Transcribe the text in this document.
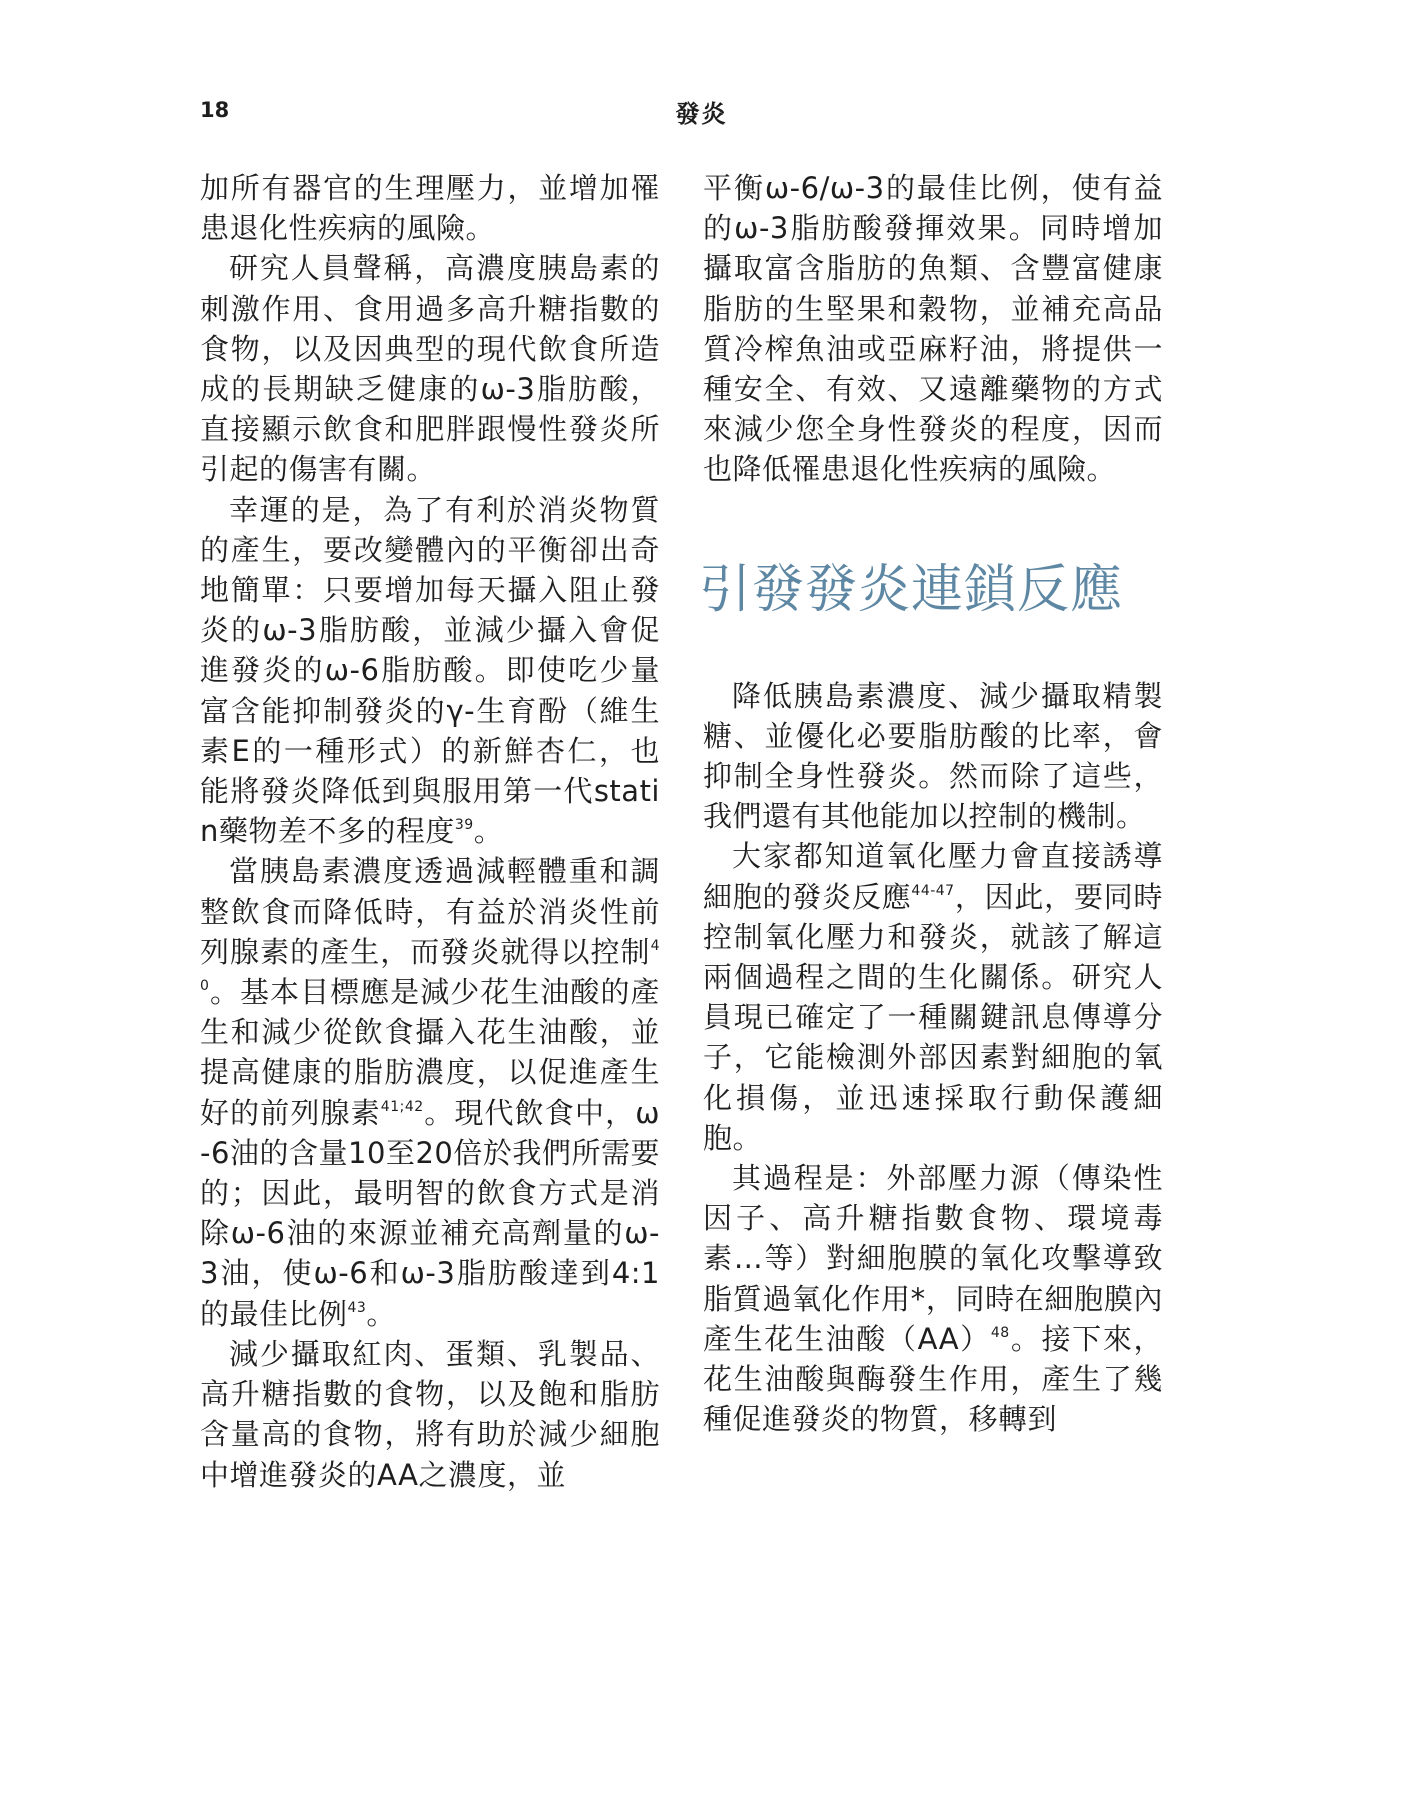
18	發炎

加所有器官的生理壓力，並增加罹患退化性疾病的風險。

研究人員聲稱，高濃度胰島素的刺激作用、食用過多高升糖指數的食物，以及因典型的現代飲食所造成的長期缺乏健康的ω-3脂肪酸，直接顯示飲食和肥胖跟慢性發炎所引起的傷害有關。

幸運的是，為了有利於消炎物質的產生，要改變體內的平衡卻出奇地簡單：只要增加每天攝入阻止發炎的ω-3脂肪酸，並減少攝入會促進發炎的ω-6脂肪酸。即使吃少量富含能抑制發炎的γ-生育酚（維生素E的一種形式）的新鮮杏仁，也能將發炎降低到與服用第一代statin藥物差不多的程度$^{39}$。

當胰島素濃度透過減輕體重和調整飲食而降低時，有益於消炎性前列腺素的產生，而發炎就得以控制$^{40}$。基本目標應是減少花生油酸的產生和減少從飲食攝入花生油酸，並提高健康的脂肪濃度，以促進產生好的前列腺素$^{41;42}$。現代飲食中，ω-6油的含量10至20倍於我們所需要的；因此，最明智的飲食方式是消除ω-6油的來源並補充高劑量的ω-3油，使ω-6和ω-3脂肪酸達到4:1的最佳比例$^{43}$。

減少攝取紅肉、蛋類、乳製品、高升糖指數的食物，以及飽和脂肪含量高的食物，將有助於減少細胞中增進發炎的AA之濃度，並

平衡ω-6/ω-3的最佳比例，使有益的ω-3脂肪酸發揮效果。同時增加攝取富含脂肪的魚類、含豐富健康脂肪的生堅果和穀物，並補充高品質冷榨魚油或亞麻籽油，將提供一種安全、有效、又遠離藥物的方式來減少您全身性發炎的程度，因而也降低罹患退化性疾病的風險。

引發發炎連鎖反應

降低胰島素濃度、減少攝取精製糖、並優化必要脂肪酸的比率，會抑制全身性發炎。然而除了這些，我們還有其他能加以控制的機制。

大家都知道氧化壓力會直接誘導細胞的發炎反應$^{44-47}$，因此，要同時控制氧化壓力和發炎，就該了解這兩個過程之間的生化關係。研究人員現已確定了一種關鍵訊息傳導分子，它能檢測外部因素對細胞的氧化損傷，並迅速採取行動保護細胞。

其過程是：外部壓力源（傳染性因子、高升糖指數食物、環境毒素…等）對細胞膜的氧化攻擊導致脂質過氧化作用*，同時在細胞膜內產生花生油酸（AA）$^{48}$。接下來，花生油酸與酶發生作用，產生了幾種促進發炎的物質，移轉到
